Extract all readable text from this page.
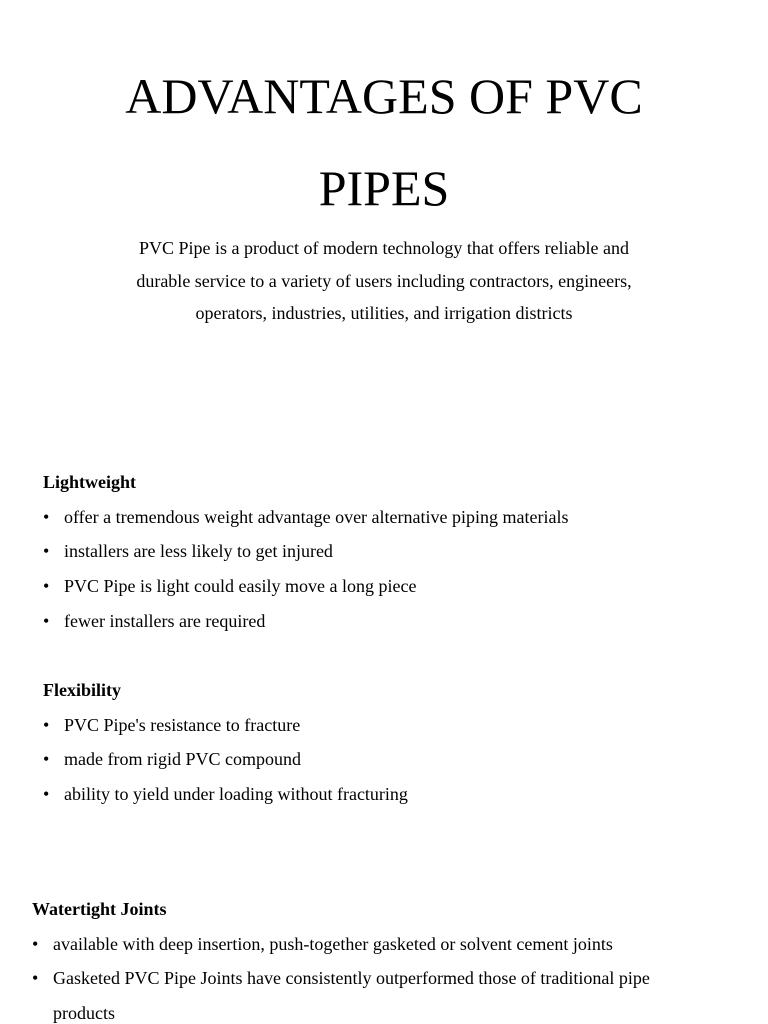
ADVANTAGES OF PVC
PIPES

PVC Pipe is a product of modern technology that offers reliable and
durable service to a variety of users including contractors, engineers,
operators, industries, utilities, and irrigation districts

Lightweight

• offer a tremendous weight advantage over alternative piping materials
• installers are less likely to get injured
• PVC Pipe is light could easily move a long piece
• fewer installers are required

Flexibility

• PVC Pipe's resistance to fracture
• made from rigid PVC compound
• ability to yield under loading without fracturing

Watertight Joints

• available with deep insertion, push-together gasketed or solvent cement joints
• Gasketed PVC Pipe Joints have consistently outperformed those of traditional pipe
products
